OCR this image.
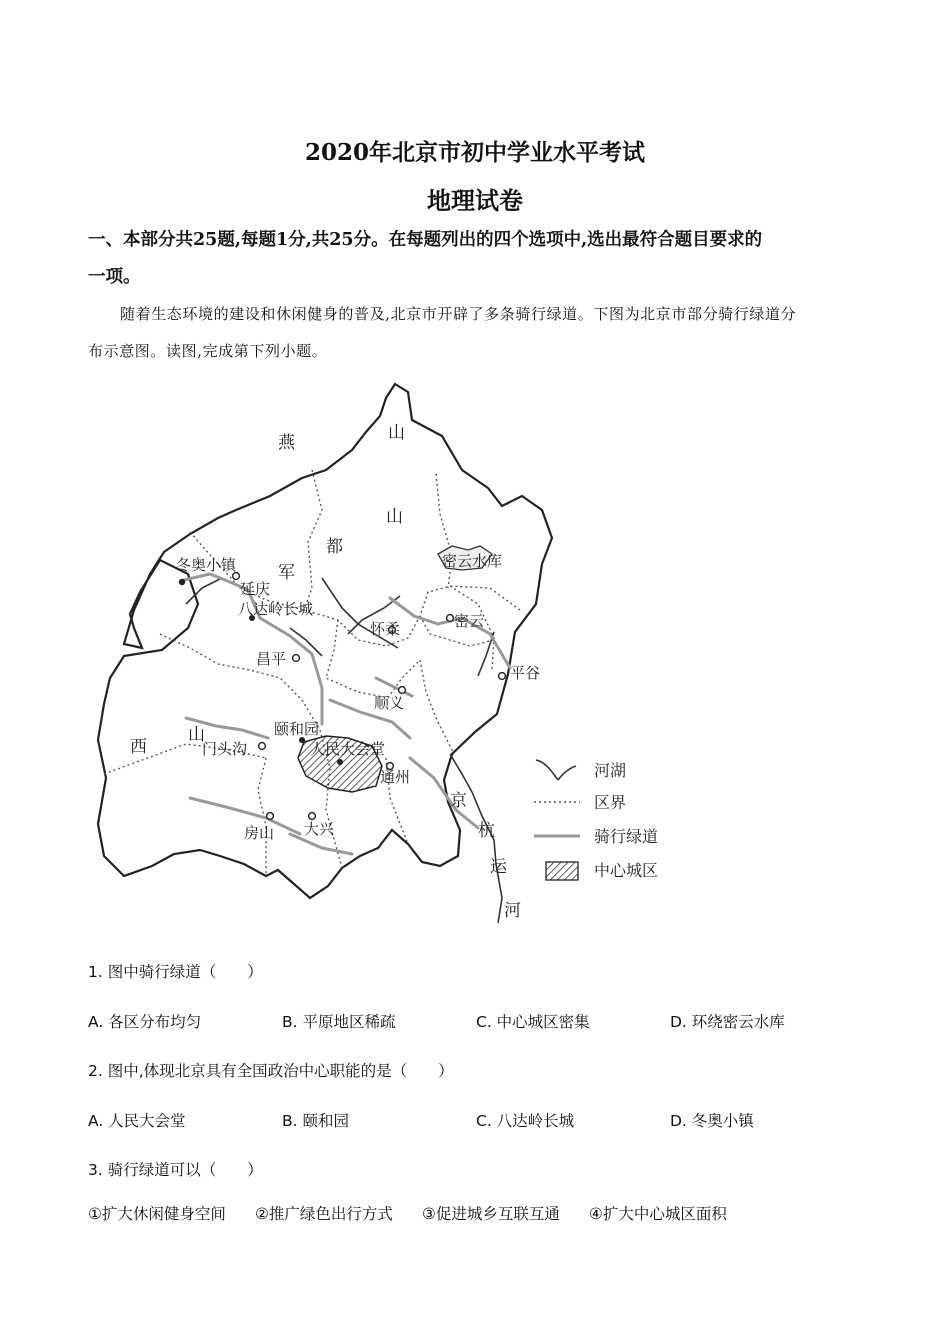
2020年北京市初中学业水平考试
地理试卷
一、本部分共25题,每题1分,共25分。在每题列出的四个选项中,选出最符合题目要求的
一项。
随着生态环境的建设和休闲健身的普及,北京市开辟了多条骑行绿道。下图为北京市部分骑行绿道分
布示意图。读图,完成第下列小题。
燕	山
山
都
军
西
山
冬奥小镇
延庆
八达岭长城
密云水库
密云
怀柔
昌平
平谷
顺义
颐和园
门头沟	人民大会堂
通州
房山 大兴
京
杭
运
河
河湖
区界
骑行绿道
中心城区
1. 图中骑行绿道（　　）
A. 各区分布均匀	B. 平原地区稀疏	C. 中心城区密集	D. 环绕密云水库
2. 图中,体现北京具有全国政治中心职能的是（　　）
A. 人民大会堂	B. 颐和园	C. 八达岭长城	D. 冬奥小镇
3. 骑行绿道可以（　　）
①扩大休闲健身空间 ②推广绿色出行方式 ③促进城乡互联互通 ④扩大中心城区面积
